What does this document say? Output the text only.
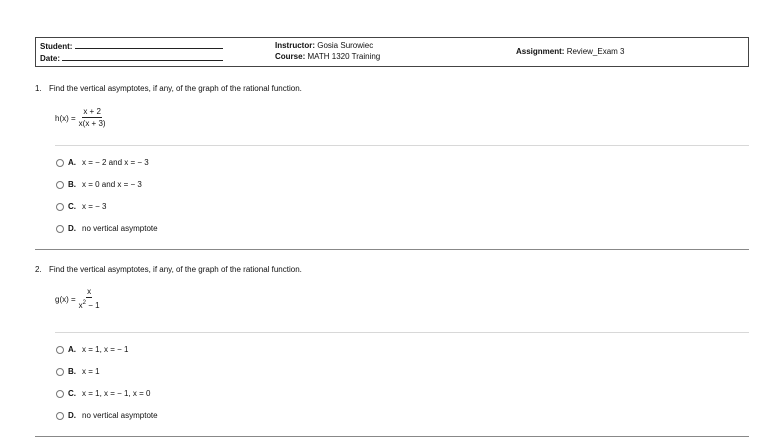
Student:
Date:
Instructor: Gosia Surowiec
Course: MATH 1320 Training	Assignment: Review_Exam 3
1. Find the vertical asymptotes, if any, of the graph of the rational function.
$h(x) = \frac{x + 2}{x(x + 3)}$
A. x = − 2 and x = − 3
B. x = 0 and x = − 3
C. x = − 3
D. no vertical asymptote
2. Find the vertical asymptotes, if any, of the graph of the rational function.
$g(x) = \frac{x}{x^2 - 1}$
A. x = 1, x = − 1
B. x = 1
C. x = 1, x = − 1, x = 0
D. no vertical asymptote
